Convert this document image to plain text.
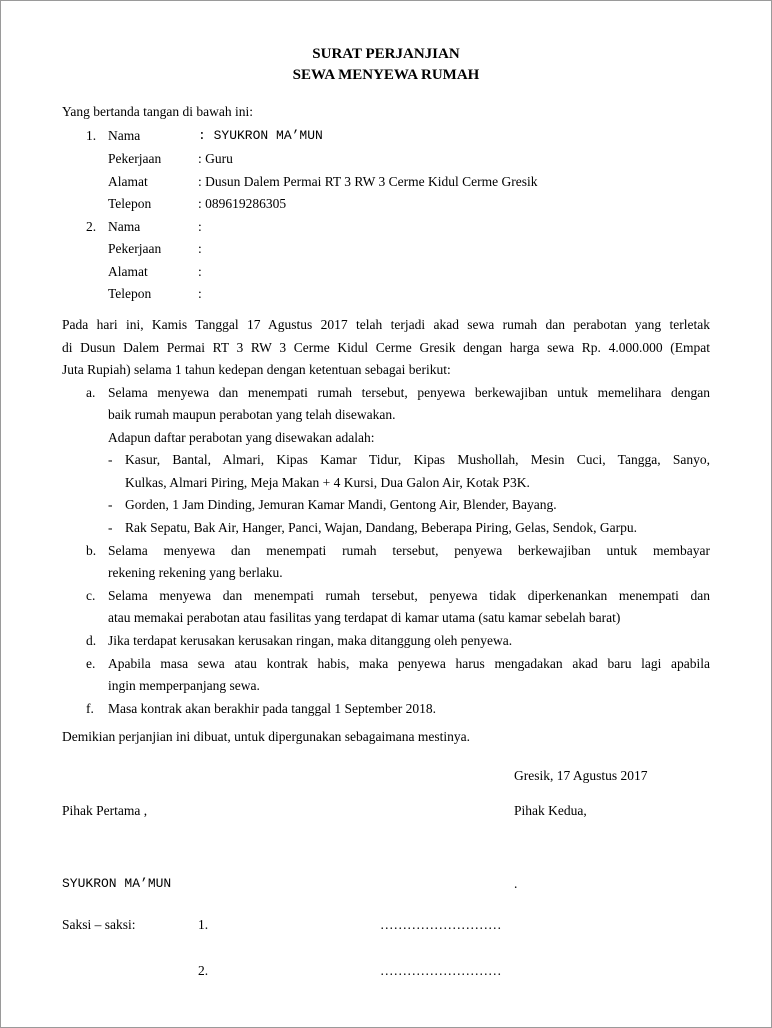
SURAT PERJANJIAN
SEWA MENYEWA RUMAH
Yang bertanda tangan di bawah ini:
1. Nama	: SYUKRON MA’MUN
Pekerjaan	: Guru
Alamat	: Dusun Dalem Permai RT 3 RW 3 Cerme Kidul Cerme Gresik
Telepon	: 089619286305
2. Nama	:
Pekerjaan	:
Alamat	:
Telepon	:
Pada hari ini, Kamis Tanggal 17 Agustus 2017 telah terjadi akad sewa rumah dan perabotan yang terletak
di Dusun Dalem Permai RT 3 RW 3 Cerme Kidul Cerme Gresik dengan harga sewa Rp. 4.000.000 (Empat
Juta Rupiah) selama 1 tahun kedepan dengan ketentuan sebagai berikut:
a. Selama menyewa dan menempati rumah tersebut, penyewa berkewajiban untuk memelihara dengan
baik rumah maupun perabotan yang telah disewakan.
Adapun daftar perabotan yang disewakan adalah:
- Kasur, Bantal, Almari, Kipas Kamar Tidur, Kipas Mushollah, Mesin Cuci, Tangga, Sanyo,
Kulkas, Almari Piring, Meja Makan + 4 Kursi, Dua Galon Air, Kotak P3K.
- Gorden, 1 Jam Dinding, Jemuran Kamar Mandi, Gentong Air, Blender, Bayang.
- Rak Sepatu, Bak Air, Hanger, Panci, Wajan, Dandang, Beberapa Piring, Gelas, Sendok, Garpu.
b. Selama menyewa dan menempati rumah tersebut, penyewa berkewajiban untuk membayar
rekening rekening yang berlaku.
c. Selama menyewa dan menempati rumah tersebut, penyewa tidak diperkenankan menempati dan
atau memakai perabotan atau fasilitas yang terdapat di kamar utama (satu kamar sebelah barat)
d. Jika terdapat kerusakan kerusakan ringan, maka ditanggung oleh penyewa.
e. Apabila masa sewa atau kontrak habis, maka penyewa harus mengadakan akad baru lagi apabila
ingin memperpanjang sewa.
f. Masa kontrak akan berakhir pada tanggal 1 September 2018.
Demikian perjanjian ini dibuat, untuk dipergunakan sebagaimana mestinya.
Gresik, 17 Agustus 2017
Pihak Pertama ,	Pihak Kedua,
SYUKRON MA’MUN	.
Saksi – saksi:	1.	………………………
2.	………………………
